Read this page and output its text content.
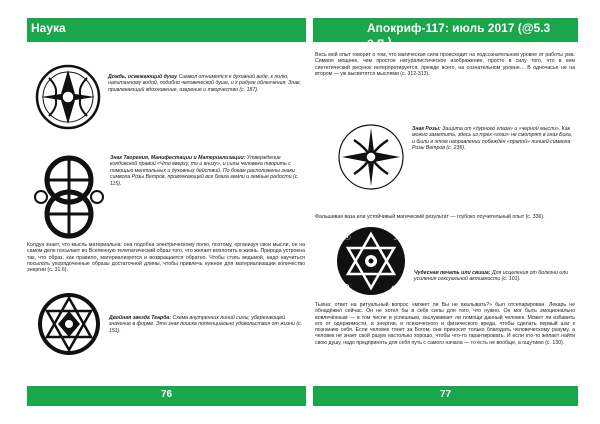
Наука
Дождь, освежающий душу Символ отнимется к духовной воде, к полю, напитанному водой, подобно человеческой душе, и к радуге облегчения. Знак, привлекающий вдохновение, озарение и творчество (с. 187).
Знак Творения, Манифестации и Материализации: Утверждение колдовской правой «Что вверху, то и внизу», и силы человека творить с помощью ментальных и духовных действий. По бокам расположены знаки символа Розы Ветров, привлекающей все блага земли и земные радости (с. 115).
Колдун знает, что мысль материальна: она подобна электрическому полю, поэтому, организуя свои мысли, он на самом деле посылает во Вселенную телепатический образ того, что желает воплотить в жизнь. Природа устроена так, что образ, как правило, материализуется и возвращается обратно. Чтобы стать ведьмой, надо научиться посылать упорядоченные образы достаточной длины, чтобы привлечь нужное для материализации количество энергии (с. 31.6).
Двойная звезда Теарда: Схема внутренних линий силы, уберегающей значение в форме. Это знак поиска потенциально удовольствия от жизни (с. 151).
76
Апокриф-117: июль 2017 (@5.3 е.п.)
Весь мой опыт говорит о том, что магическая сила происходит на подсознательном уровне от работы ума. Символ мощнее, чем простое натуралистическое изображение, просто в силу того, что в нем синтетический рисунок интерпретируется, прежде всего, на сознательном уровне… В одночасье не на втором — уж высветятся мыслями (с. 312-313).
Знак Розы: Защита от «дурного глаза» и «черной мысли». Как можно заметить, здесь из трех «глаз» не смотрят в глаз Бога, и были в этом направлении побеждён «прапой» линией символа Розы Ветров (с. 236).
Фальшивая ваза или устойчивый магический результат — глубоко поучительный опыт (с. 336).
☉	☽
♀	♂
Чудесная печать или свиша: Для исцеления от болезни или усиления сексуальной активности (с. 101).
Тыхна: ответ на ритуальный вопрос «может ли Вы не вкалывать?» был отсепарирован. Лекарь не обнадёжил сейчас. Он не хотел бы в себя силы для того, что нужно. Он мог быть эмоционально вовлечённым — в том числе и успешным, заслуживает ли помощи данный человек. Может ли избавить его от одержимости, и энергии, и психического и физического вреда, чтобы сделать первый шаг к познанию себя. Если человек тянет за Богом, она приносит только благодать человеческому разуму, а человек не знает свой разум настолько хорошо, чтобы что-то гарантировать. И если кто-то желает найти свою душу, надо предпринять для себя путь с самого начала — то есть не вообще, а ощутимо (с. 130).
77
